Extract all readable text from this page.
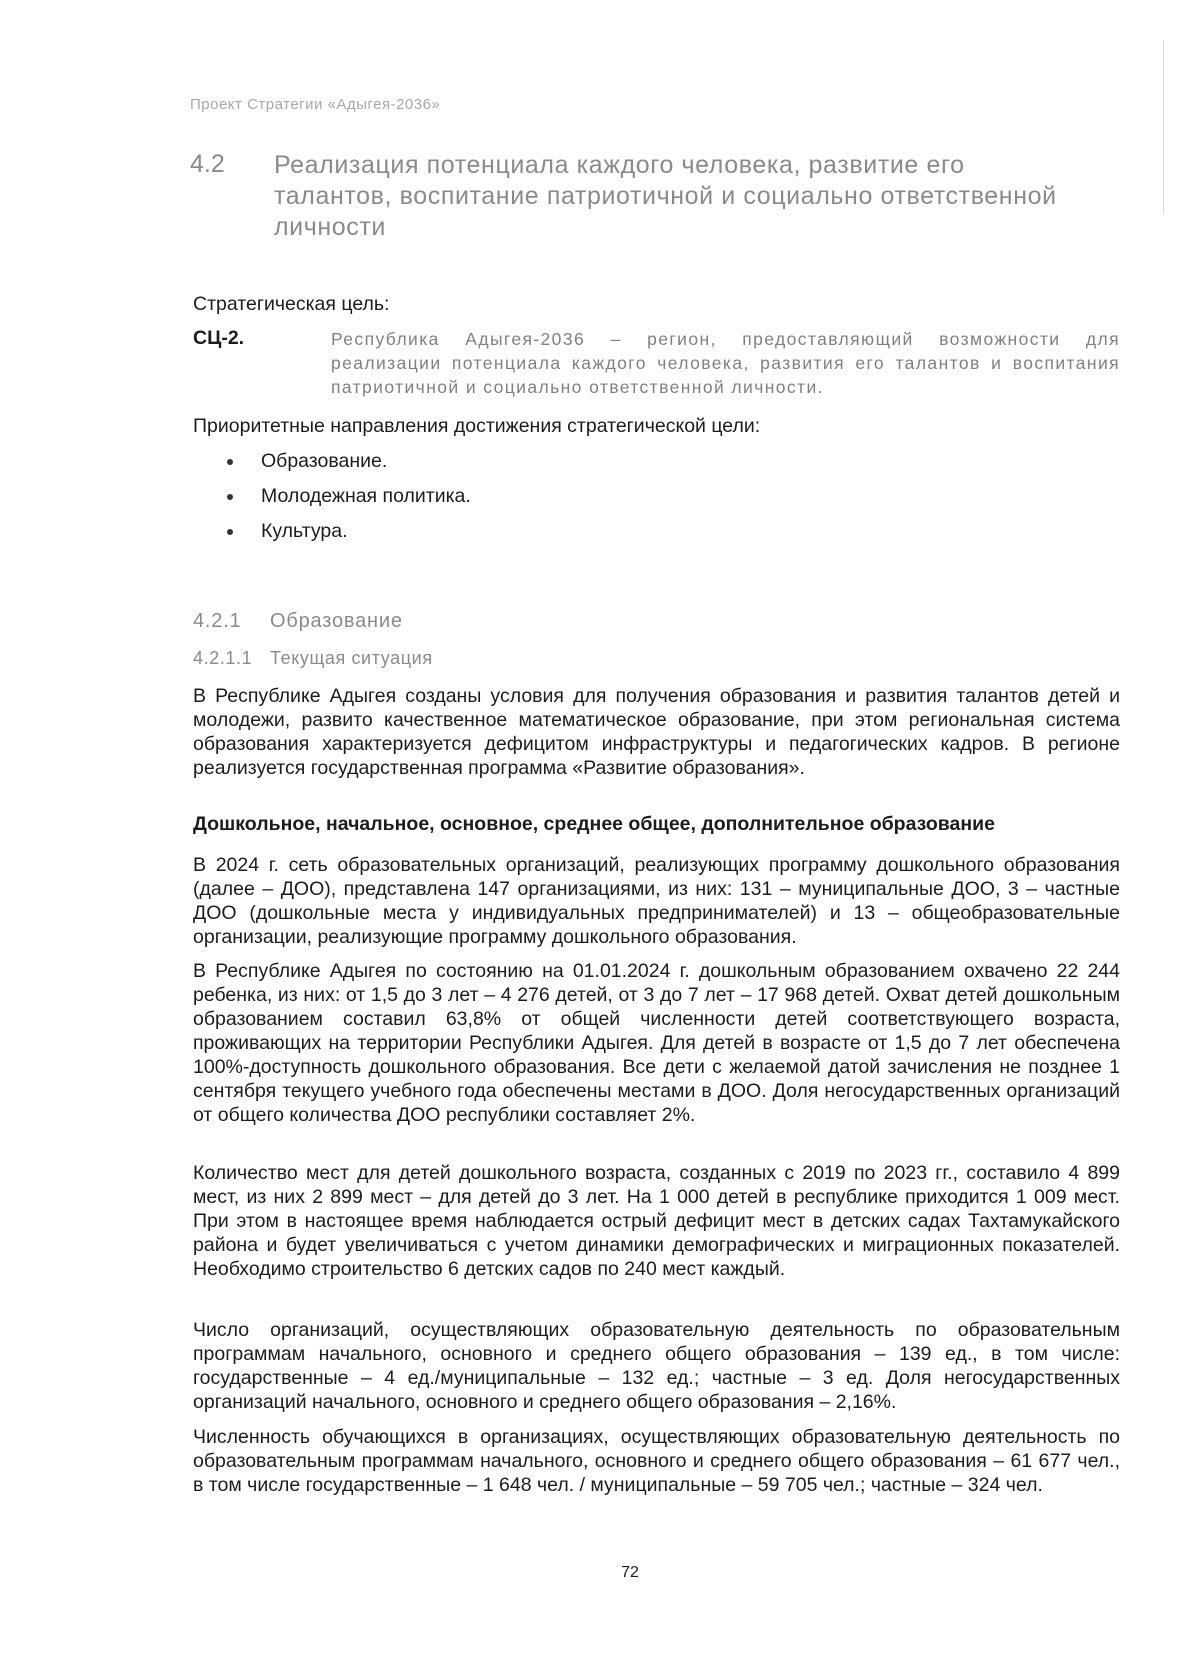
Проект Стратегии «Адыгея-2036»
4.2 Реализация потенциала каждого человека, развитие его талантов, воспитание патриотичной и социально ответственной личности
Стратегическая цель:
СЦ-2.	Республика Адыгея-2036 – регион, предоставляющий возможности для реализации потенциала каждого человека, развития его талантов и воспитания патриотичной и социально ответственной личности.
Приоритетные направления достижения стратегической цели:
Образование.
Молодежная политика.
Культура.
4.2.1 Образование
4.2.1.1 Текущая ситуация
В Республике Адыгея созданы условия для получения образования и развития талантов детей и молодежи, развито качественное математическое образование, при этом региональная система образования характеризуется дефицитом инфраструктуры и педагогических кадров. В регионе реализуется государственная программа «Развитие образования».
Дошкольное, начальное, основное, среднее общее, дополнительное образование
В 2024 г. сеть образовательных организаций, реализующих программу дошкольного образования (далее – ДОО), представлена 147 организациями, из них: 131 – муниципальные ДОО, 3 – частные ДОО (дошкольные места у индивидуальных предпринимателей) и 13 – общеобразовательные организации, реализующие программу дошкольного образования.
В Республике Адыгея по состоянию на 01.01.2024 г. дошкольным образованием охвачено 22 244 ребенка, из них: от 1,5 до 3 лет – 4 276 детей, от 3 до 7 лет – 17 968 детей. Охват детей дошкольным образованием составил 63,8% от общей численности детей соответствующего возраста, проживающих на территории Республики Адыгея. Для детей в возрасте от 1,5 до 7 лет обеспечена 100%-доступность дошкольного образования. Все дети с желаемой датой зачисления не позднее 1 сентября текущего учебного года обеспечены местами в ДОО. Доля негосударственных организаций от общего количества ДОО республики составляет 2%.
Количество мест для детей дошкольного возраста, созданных с 2019 по 2023 гг., составило 4 899 мест, из них 2 899 мест – для детей до 3 лет. На 1 000 детей в республике приходится 1 009 мест. При этом в настоящее время наблюдается острый дефицит мест в детских садах Тахтамукайского района и будет увеличиваться с учетом динамики демографических и миграционных показателей. Необходимо строительство 6 детских садов по 240 мест каждый.
Число организаций, осуществляющих образовательную деятельность по образовательным программам начального, основного и среднего общего образования – 139 ед., в том числе: государственные – 4 ед./муниципальные – 132 ед.; частные – 3 ед. Доля негосударственных организаций начального, основного и среднего общего образования – 2,16%.
Численность обучающихся в организациях, осуществляющих образовательную деятельность по образовательным программам начального, основного и среднего общего образования – 61 677 чел., в том числе государственные – 1 648 чел. / муниципальные – 59 705 чел.; частные – 324 чел.
72
